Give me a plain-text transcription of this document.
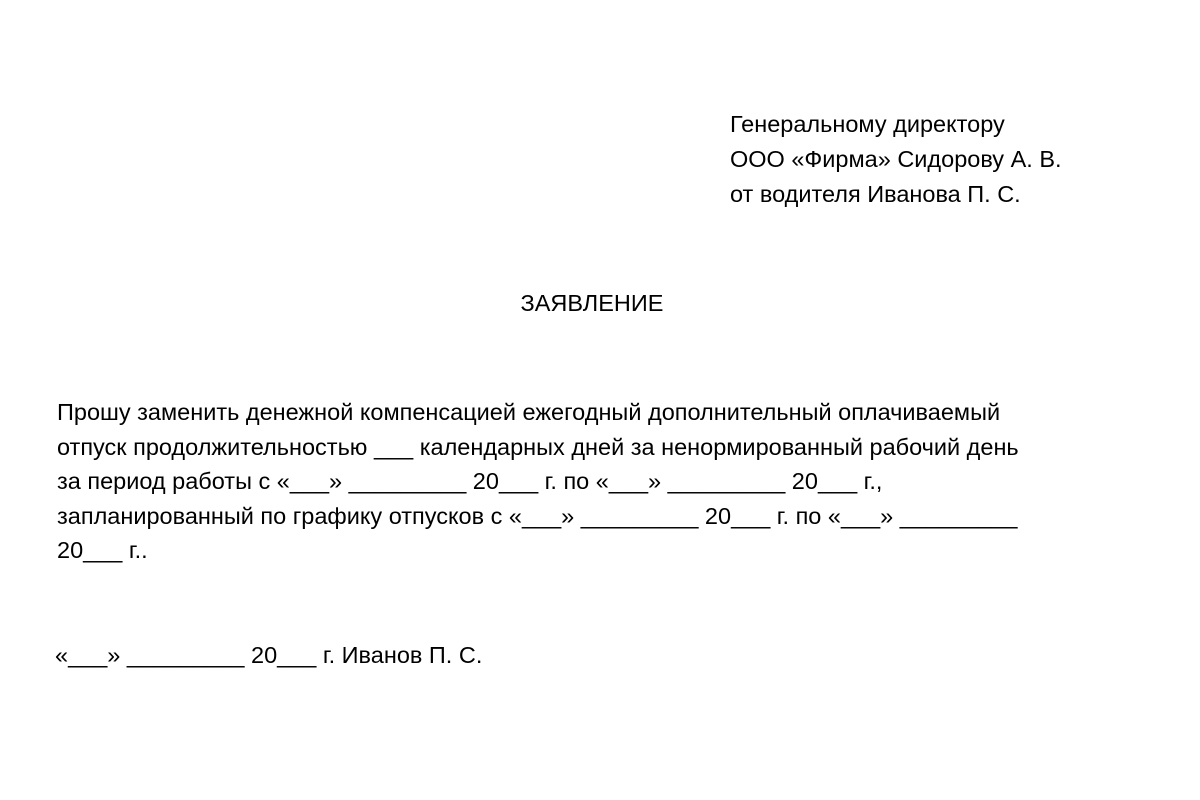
Генеральному директору
ООО «Фирма» Сидорову А. В.
от водителя Иванова П. С.
ЗАЯВЛЕНИЕ
Прошу заменить денежной компенсацией ежегодный дополнительный оплачиваемый
отпуск продолжительностью ___ календарных дней за ненормированный рабочий день
за период работы с «___» _________ 20___ г. по «___» _________ 20___ г.,
запланированный по графику отпусков с «___» _________ 20___ г. по «___» _________
20___ г..
«___» _________ 20___ г. Иванов П. С.
